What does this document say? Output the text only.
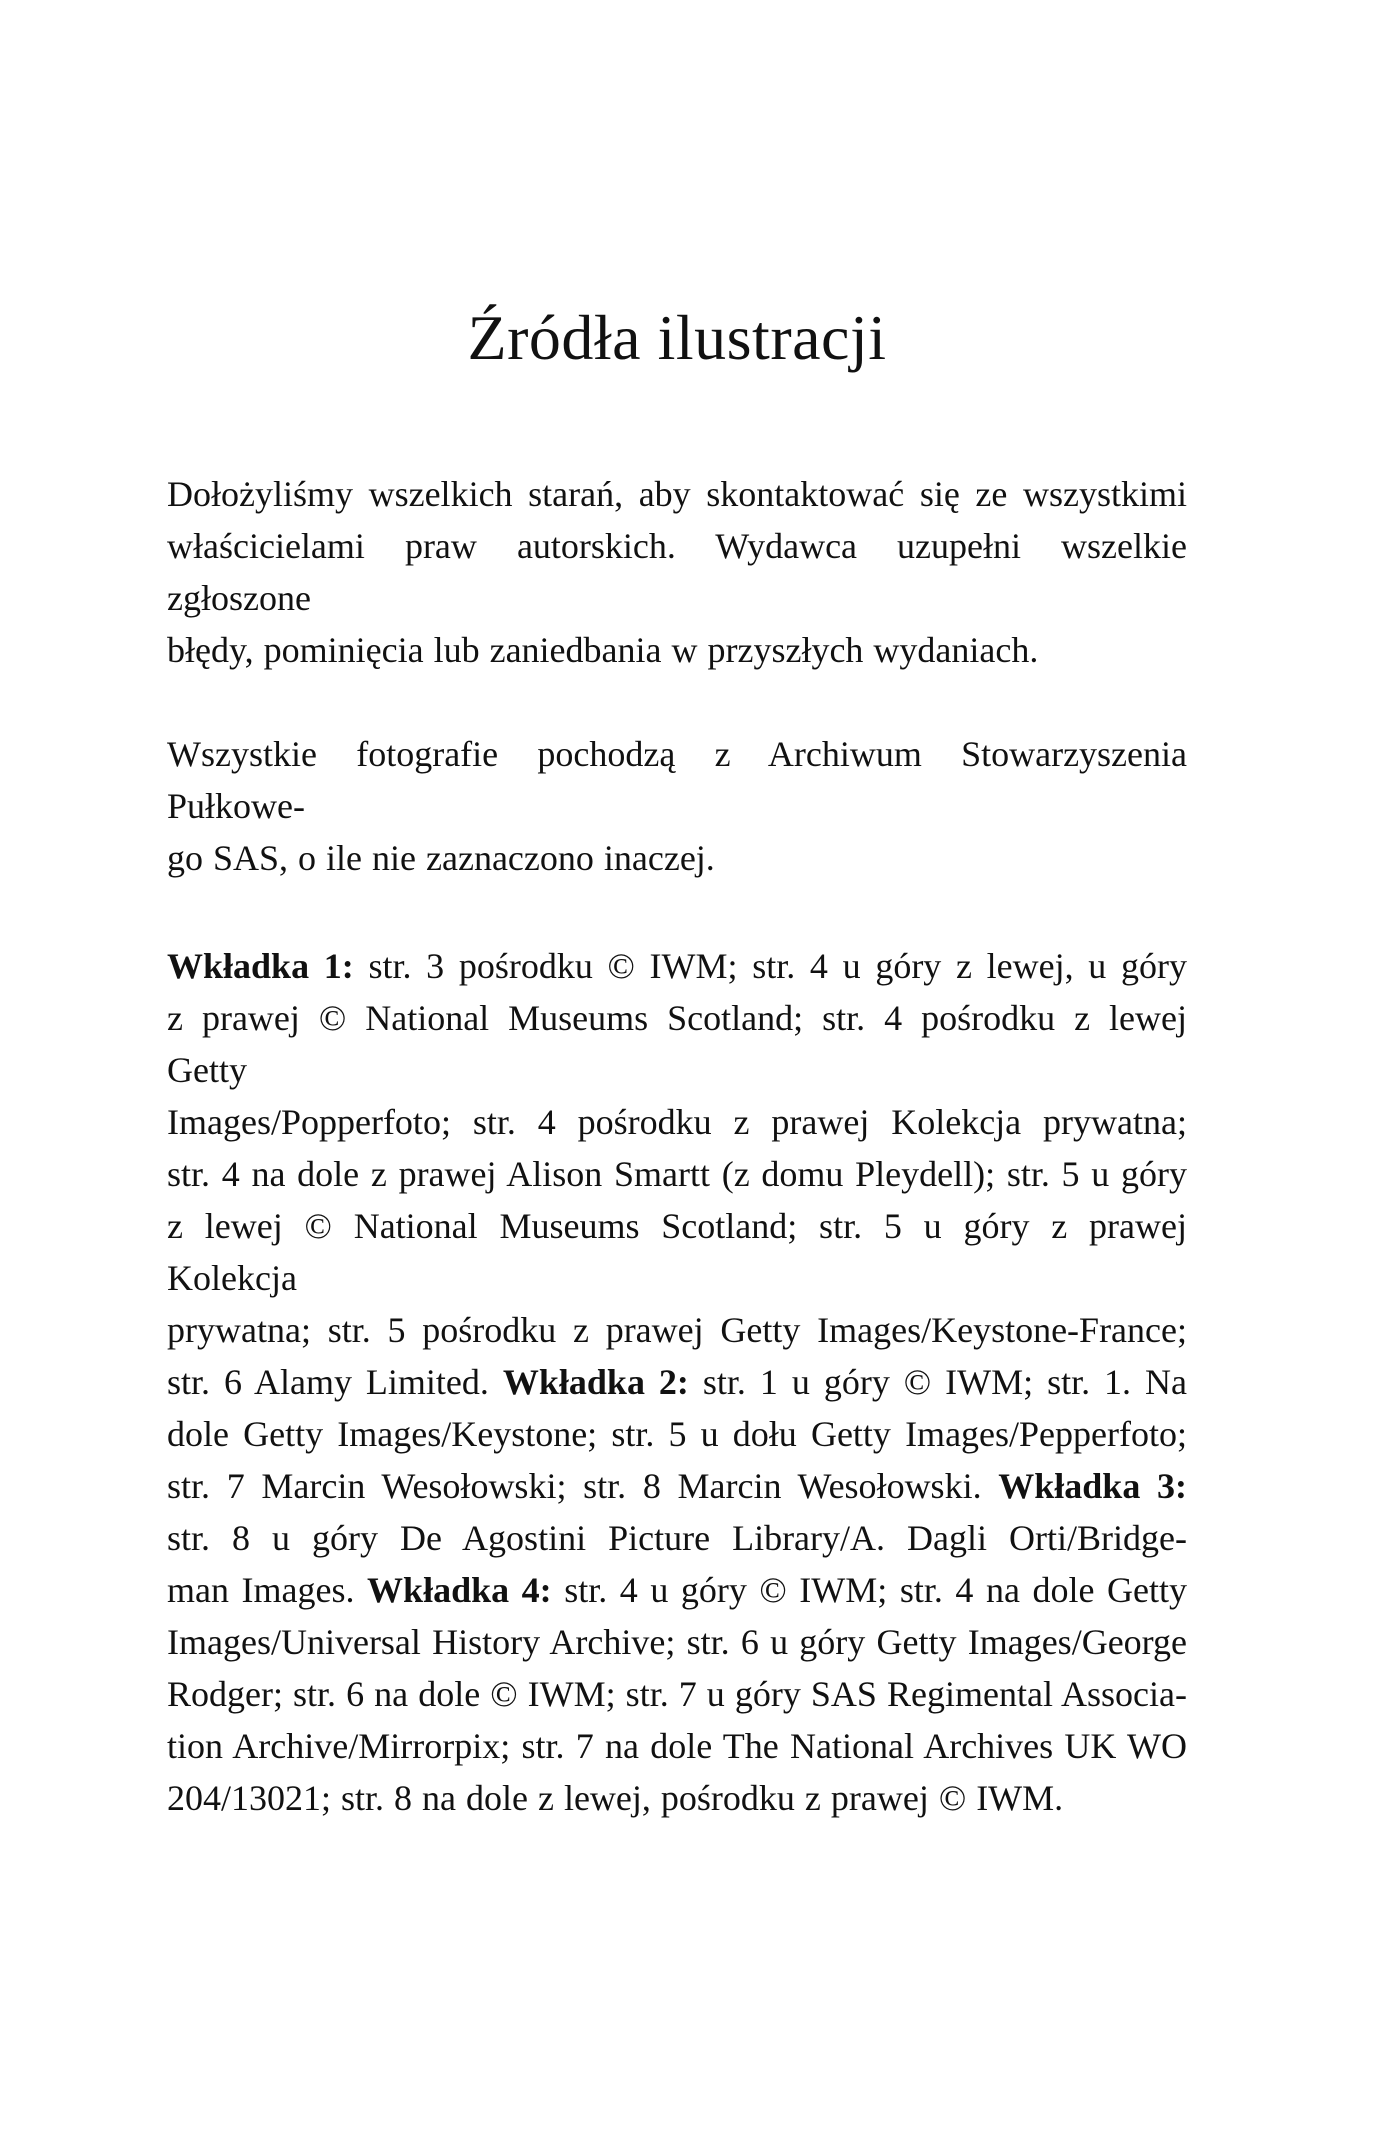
Źródła ilustracji
Dołożyliśmy wszelkich starań, aby skontaktować się ze wszystkimi
właścicielami praw autorskich. Wydawca uzupełni wszelkie zgłoszone
błędy, pominięcia lub zaniedbania w przyszłych wydaniach.
Wszystkie fotografie pochodzą z Archiwum Stowarzyszenia Pułkowe-
go SAS, o ile nie zaznaczono inaczej.
Wkładka 1: str. 3 pośrodku © IWM; str. 4 u góry z lewej, u góry
z prawej © National Museums Scotland; str. 4 pośrodku z lewej Getty
Images/Popperfoto; str. 4 pośrodku z prawej Kolekcja prywatna;
str. 4 na dole z prawej Alison Smartt (z domu Pleydell); str. 5 u góry
z lewej © National Museums Scotland; str. 5 u góry z prawej Kolekcja
prywatna; str. 5 pośrodku z prawej Getty Images/Keystone-France;
str. 6 Alamy Limited. Wkładka 2: str. 1 u góry © IWM; str. 1. Na
dole Getty Images/Keystone; str. 5 u dołu Getty Images/Pepperfoto;
str. 7 Marcin Wesołowski; str. 8 Marcin Wesołowski. Wkładka 3:
str. 8 u góry De Agostini Picture Library/A. Dagli Orti/Bridge-
man Images. Wkładka 4: str. 4 u góry © IWM; str. 4 na dole Getty
Images/Universal History Archive; str. 6 u góry Getty Images/George
Rodger; str. 6 na dole © IWM; str. 7 u góry SAS Regimental Associa-
tion Archive/Mirrorpix; str. 7 na dole The National Archives UK WO
204/13021; str. 8 na dole z lewej, pośrodku z prawej © IWM.
